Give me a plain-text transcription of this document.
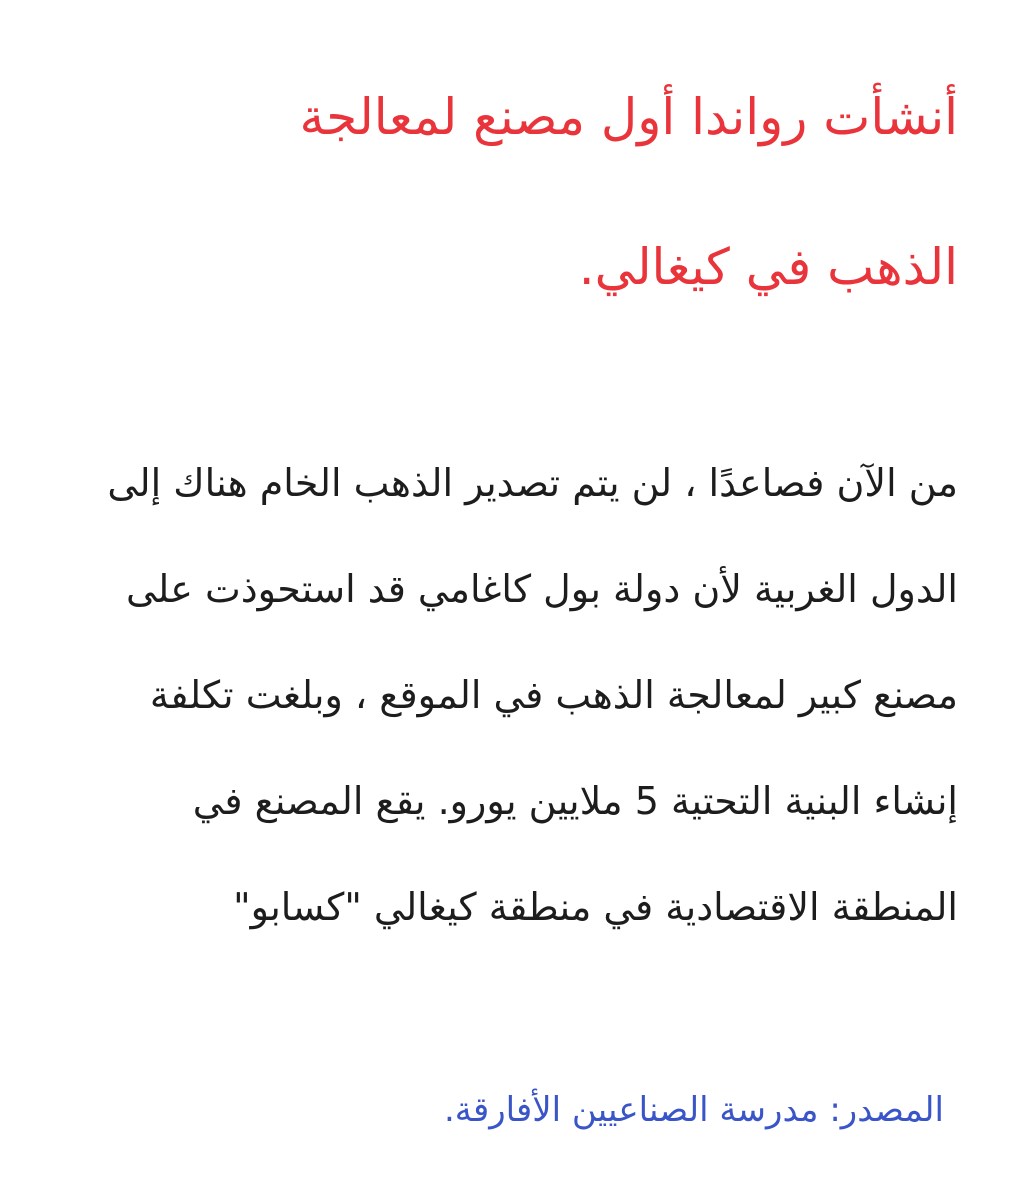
أنشأت رواندا أول مصنع لمعالجة
الذهب في كيغالي.
من الآن فصاعدًا ، لن يتم تصدير الذهب الخام هناك إلى
الدول الغربية لأن دولة بول كاغامي قد استحوذت على
مصنع كبير لمعالجة الذهب في الموقع ، وبلغت تكلفة
إنشاء البنية التحتية 5 ملايين يورو. يقع المصنع في
المنطقة الاقتصادية في منطقة كيغالي "كسابو"
المصدر: مدرسة الصناعيين الأفارقة.
